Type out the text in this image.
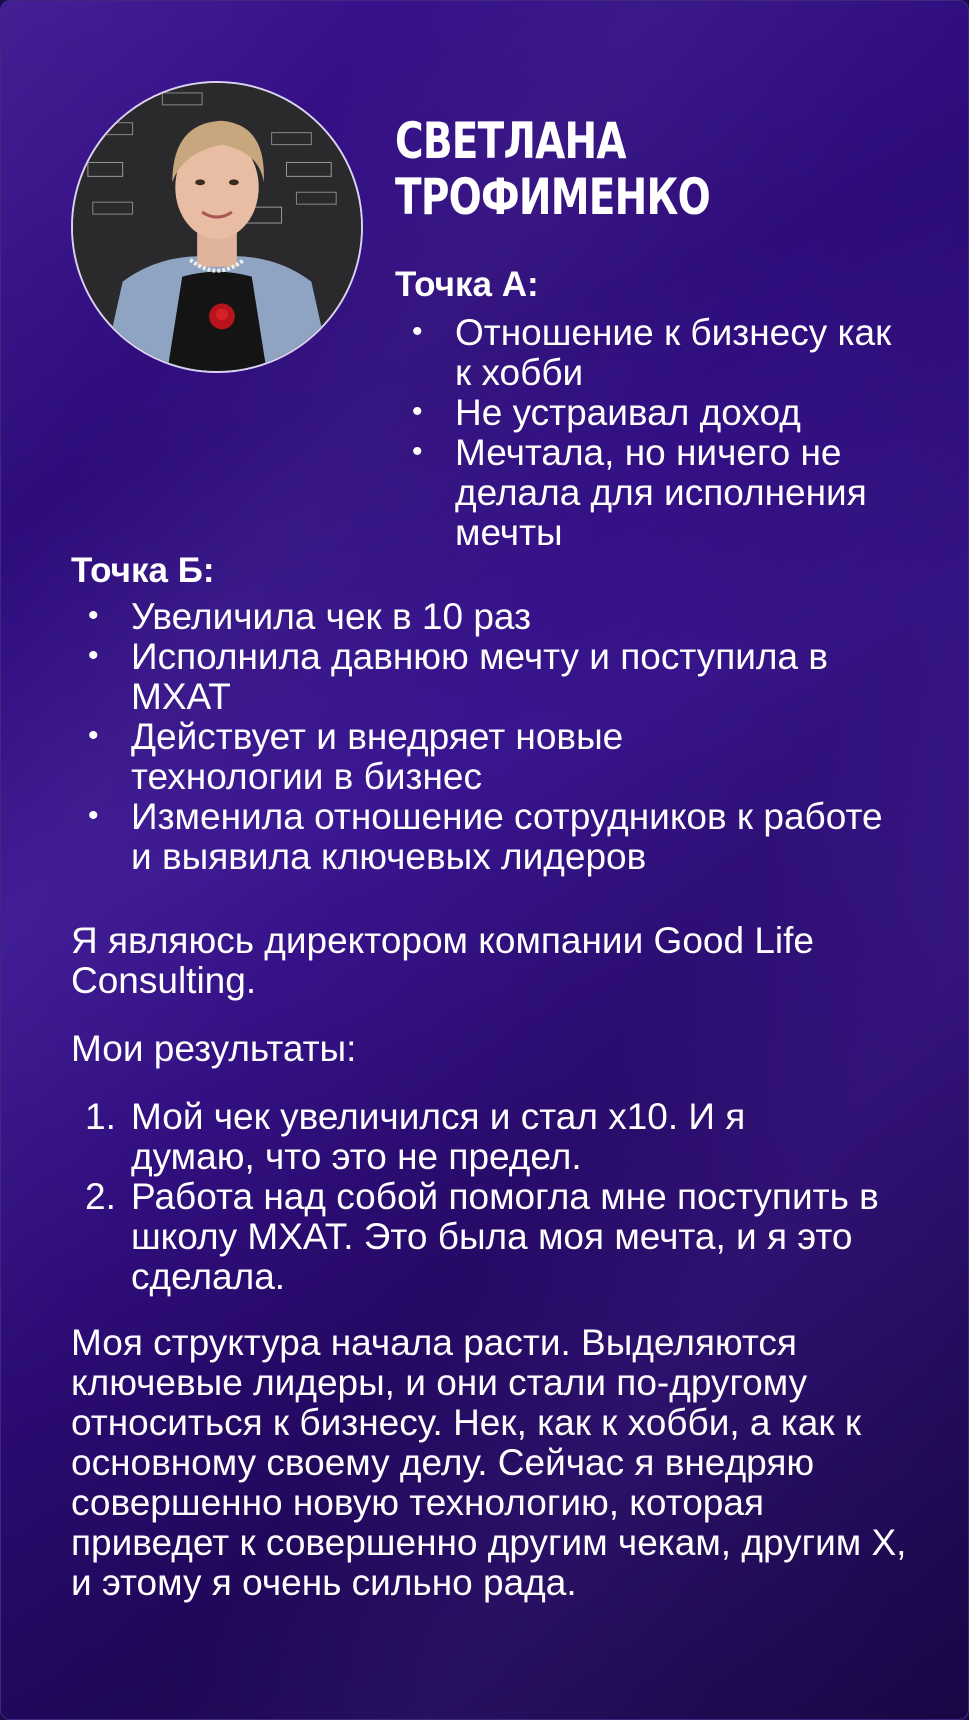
СВЕТЛАНА
ТРОФИМЕНКО
Точка А:
• Отношение к бизнесу как к хобби
• Не устраивал доход
• Мечтала, но ничего не делала для исполнения мечты
Точка Б:
• Увеличила чек в 10 раз
• Исполнила давнюю мечту и поступила в МХАТ
• Действует и внедряет новые технологии в бизнес
• Изменила отношение сотрудников к работе и выявила ключевых лидеров

Я являюсь директором компании Good Life Consulting.

Мои результаты:

1. Мой чек увеличился и стал х10. И я думаю, что это не предел.
2. Работа над собой помогла мне поступить в школу МХАТ. Это была моя мечта, и я это сделала.

Моя структура начала расти. Выделяются ключевые лидеры, и они стали по-другому относиться к бизнесу. Нек, как к хобби, а как к основному своему делу. Сейчас я внедряю совершенно новую технологию, которая приведет к совершенно другим чекам, другим Х, и этому я очень сильно рада.
